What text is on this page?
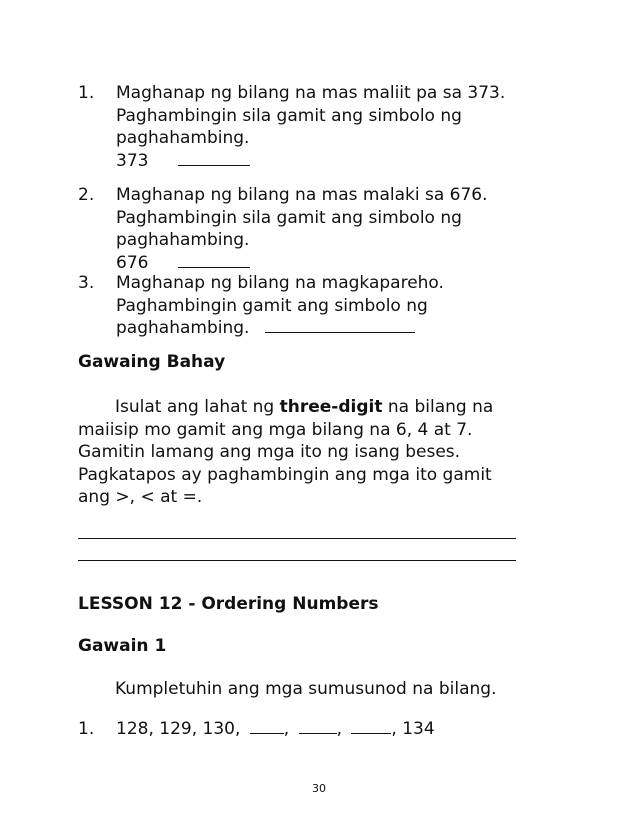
1.	Maghanap ng bilang na mas maliit pa sa 373.
Paghambingin sila gamit ang simbolo ng
paghahambing.
373
2.	Maghanap ng bilang na mas malaki sa 676.
Paghambingin sila gamit ang simbolo ng
paghahambing.
676
3.	Maghanap ng bilang na magkapareho.
Paghambingin gamit ang simbolo ng
paghahambing.
Gawaing Bahay
Isulat ang lahat ng three-digit na bilang na
maiisip mo gamit ang mga bilang na 6, 4 at 7.
Gamitin lamang ang mga ito ng isang beses.
Pagkatapos ay paghambingin ang mga ito gamit
ang >, < at =.
LESSON 12 - Ordering Numbers
Gawain 1
Kumpletuhin ang mga sumusunod na bilang.
1.	128, 129, 130,	,	,	, 134
30
